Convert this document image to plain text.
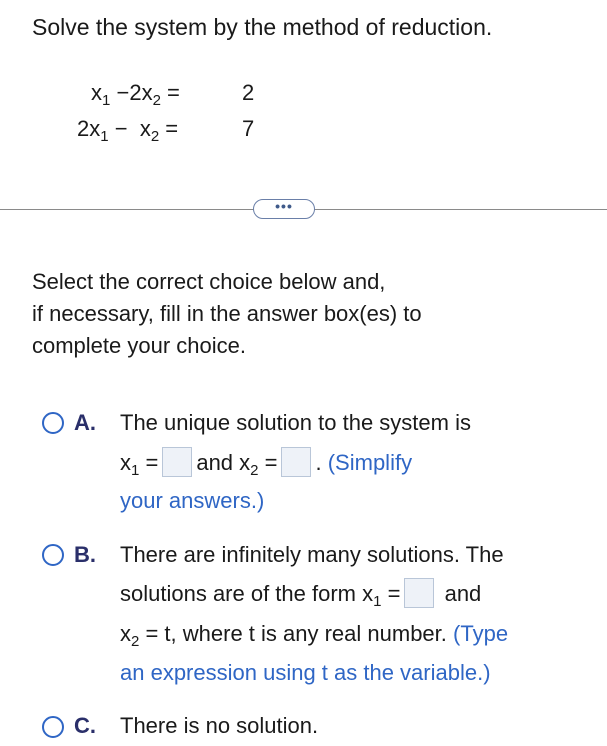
Solve the system by the method of reduction.
$x_1 -2x_2$ =	2
$2x_1 - x_2$ =	7
•••
Select the correct choice below and,
if necessary, fill in the answer box(es) to
complete your choice.
A. The unique solution to the system is
$x_1$ = and $x_2$ = . (Simplify
your answers.)
B. There are infinitely many solutions. The
solutions are of the form $x_1$ = and
$x_2 = t$, where t is any real number. (Type
an expression using t as the variable.)
C. There is no solution.
